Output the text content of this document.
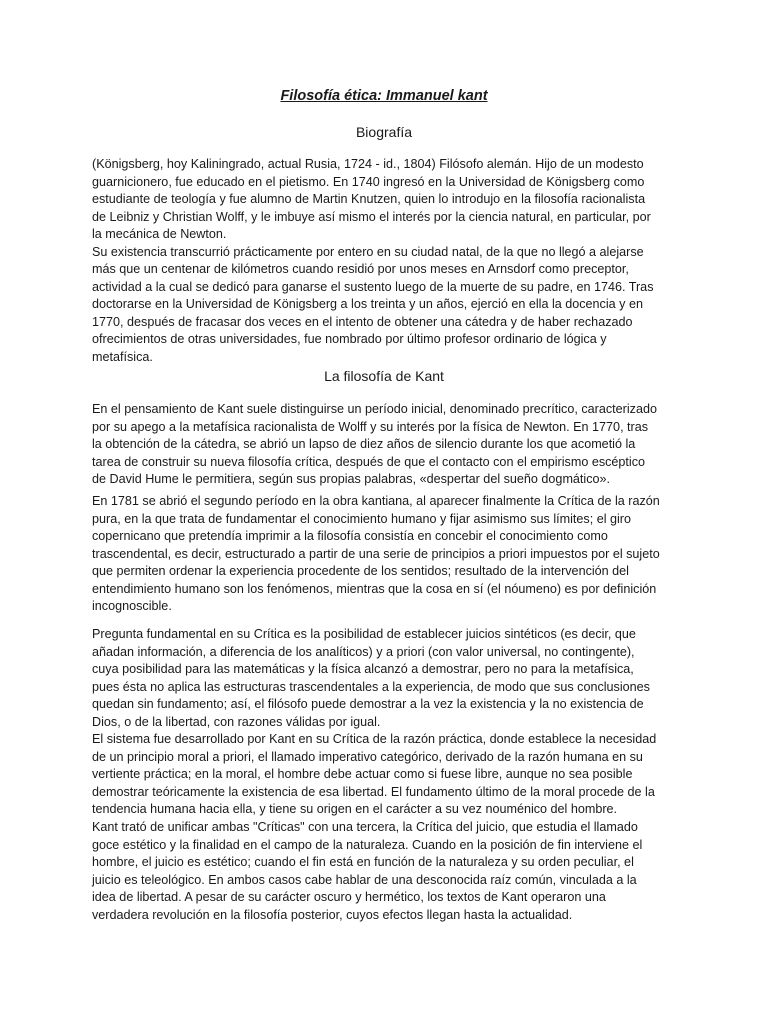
Filosofía ética: Immanuel kant
Biografía

(Königsberg, hoy Kaliningrado, actual Rusia, 1724 - id., 1804) Filósofo alemán. Hijo de un modesto
guarnicionero, fue educado en el pietismo. En 1740 ingresó en la Universidad de Königsberg como
estudiante de teología y fue alumno de Martin Knutzen, quien lo introdujo en la filosofía racionalista
de Leibniz y Christian Wolff, y le imbuye así mismo el interés por la ciencia natural, en particular, por
la mecánica de Newton.
Su existencia transcurrió prácticamente por entero en su ciudad natal, de la que no llegó a alejarse
más que un centenar de kilómetros cuando residió por unos meses en Arnsdorf como preceptor,
actividad a la cual se dedicó para ganarse el sustento luego de la muerte de su padre, en 1746. Tras
doctorarse en la Universidad de Königsberg a los treinta y un años, ejerció en ella la docencia y en
1770, después de fracasar dos veces en el intento de obtener una cátedra y de haber rechazado
ofrecimientos de otras universidades, fue nombrado por último profesor ordinario de lógica y
metafísica.

La filosofía de Kant

En el pensamiento de Kant suele distinguirse un período inicial, denominado precrítico, caracterizado
por su apego a la metafísica racionalista de Wolff y su interés por la física de Newton. En 1770, tras
la obtención de la cátedra, se abrió un lapso de diez años de silencio durante los que acometió la
tarea de construir su nueva filosofía crítica, después de que el contacto con el empirismo escéptico
de David Hume le permitiera, según sus propias palabras, «despertar del sueño dogmático».

En 1781 se abrió el segundo período en la obra kantiana, al aparecer finalmente la Crítica de la razón
pura, en la que trata de fundamentar el conocimiento humano y fijar asimismo sus límites; el giro
copernicano que pretendía imprimir a la filosofía consistía en concebir el conocimiento como
trascendental, es decir, estructurado a partir de una serie de principios a priori impuestos por el sujeto
que permiten ordenar la experiencia procedente de los sentidos; resultado de la intervención del
entendimiento humano son los fenómenos, mientras que la cosa en sí (el nóumeno) es por definición
incognoscible.

Pregunta fundamental en su Crítica es la posibilidad de establecer juicios sintéticos (es decir, que
añadan información, a diferencia de los analíticos) y a priori (con valor universal, no contingente),
cuya posibilidad para las matemáticas y la física alcanzó a demostrar, pero no para la metafísica,
pues ésta no aplica las estructuras trascendentales a la experiencia, de modo que sus conclusiones
quedan sin fundamento; así, el filósofo puede demostrar a la vez la existencia y la no existencia de
Dios, o de la libertad, con razones válidas por igual.
El sistema fue desarrollado por Kant en su Crítica de la razón práctica, donde establece la necesidad
de un principio moral a priori, el llamado imperativo categórico, derivado de la razón humana en su
vertiente práctica; en la moral, el hombre debe actuar como si fuese libre, aunque no sea posible
demostrar teóricamente la existencia de esa libertad. El fundamento último de la moral procede de la
tendencia humana hacia ella, y tiene su origen en el carácter a su vez nouménico del hombre.

Kant trató de unificar ambas "Críticas" con una tercera, la Crítica del juicio, que estudia el llamado
goce estético y la finalidad en el campo de la naturaleza. Cuando en la posición de fin interviene el
hombre, el juicio es estético; cuando el fin está en función de la naturaleza y su orden peculiar, el
juicio es teleológico. En ambos casos cabe hablar de una desconocida raíz común, vinculada a la
idea de libertad. A pesar de su carácter oscuro y hermético, los textos de Kant operaron una
verdadera revolución en la filosofía posterior, cuyos efectos llegan hasta la actualidad.
